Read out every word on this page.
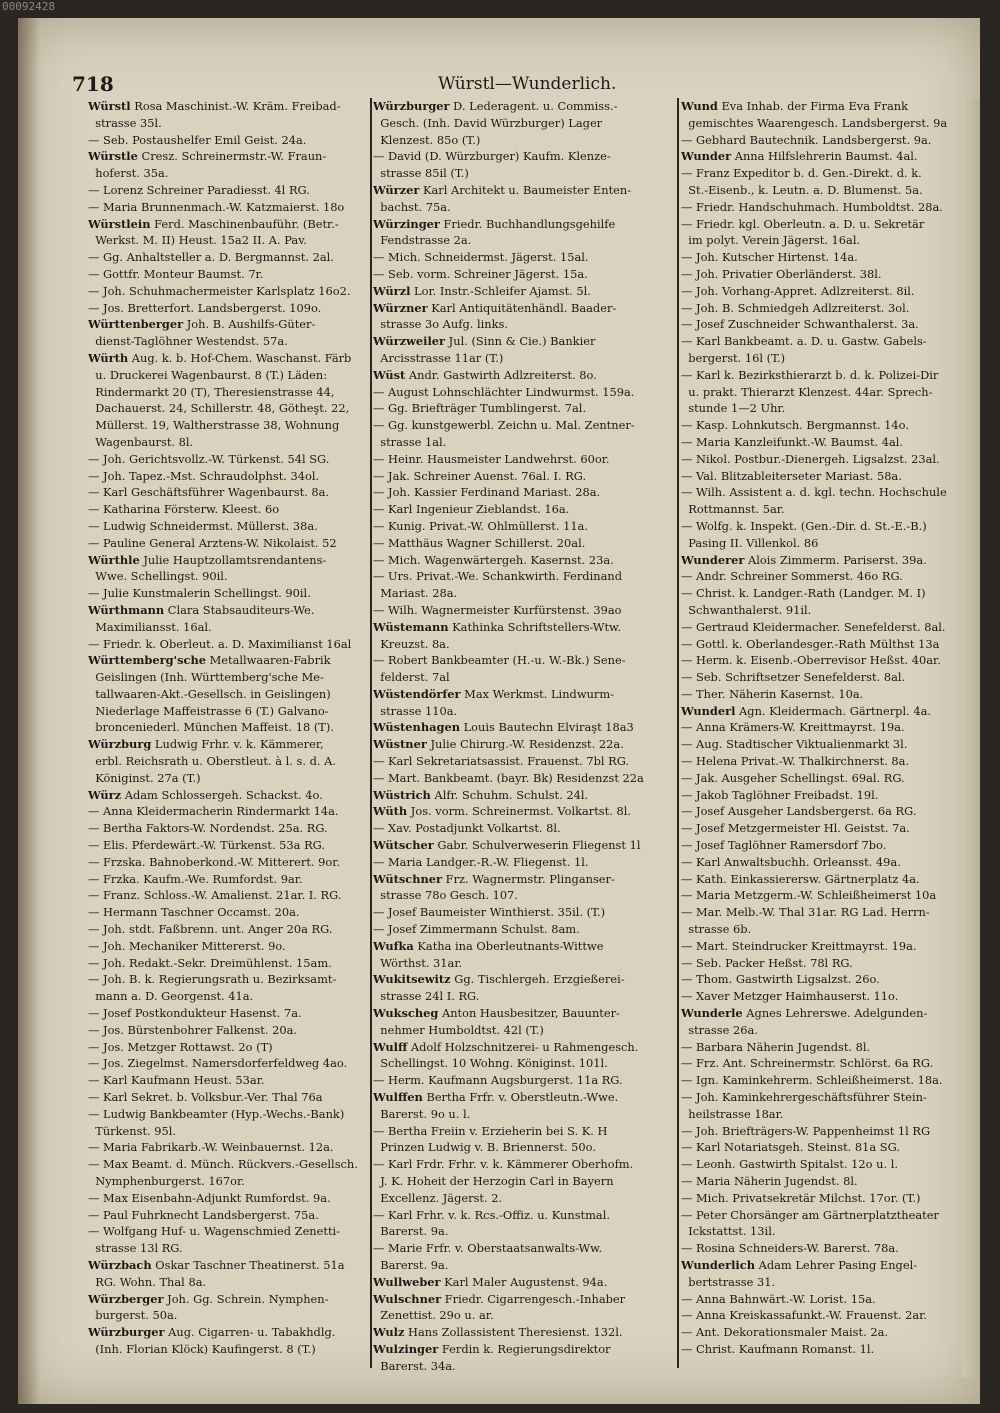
718	Würstl—Wunderlich.
Würstl Rosa Maschinist.-W. Kräm. Freibad-
strasse 35l.
— Seb. Postaushelfer Emil Geist. 24a.
Würstle Cresz. Schreinermstr.-W. Fraun-
hoferst. 35a.
— Lorenz Schreiner Paradiesst. 4l RG.
— Maria Brunnenmach.-W. Katzmaierst. 18o
Würstlein Ferd. Maschinenbauführ. (Betr.-
Werkst. M. II) Heust. 15a2 II. A. Pav.
— Gg. Anhaltsteller a. D. Bergmannst. 2al.
— Gottfr. Monteur Baumst. 7r.
— Joh. Schuhmachermeister Karlsplatz 16o2.
— Jos. Bretterfort. Landsbergerst. 109o.
Württenberger Joh. B. Aushilfs-Güter-
dienst-Taglöhner Westendst. 57a.
Würth Aug. k. b. Hof-Chem. Waschanst. Färb
u. Druckerei Wagenbaurst. 8 (T.) Läden:
Rindermarkt 20 (T), Theresienstrasse 44,
Dachauerst. 24, Schillerstr. 48, Götheşt. 22,
Müllerst. 19, Waltherstrasse 38, Wohnung
Wagenbaurst. 8l.
— Joh. Gerichtsvollz.-W. Türkenst. 54l SG.
— Joh. Tapez.-Mst. Schraudolphst. 34ol.
— Karl Geschäftsführer Wagenbaurst. 8a.
— Katharina Försterw. Kleest. 6o
— Ludwig Schneidermst. Müllerst. 38a.
— Pauline General Arztens-W. Nikolaist. 52
Würthle Julie Hauptzollamtsrendantens-
Wwe. Schellingst. 90il.
— Julie Kunstmalerin Schellingst. 90il.
Würthmann Clara Stabsauditeurs-We.
Maximiliansst. 16al.
— Friedr. k. Oberleut. a. D. Maximilianst 16al
Württemberg'sche Metallwaaren-Fabrik
Geislingen (Inh. Württemberg'sche Me-
tallwaaren-Akt.-Gesellsch. in Geislingen)
Niederlage Maffeistrasse 6 (T.) Galvano-
bronceniederl. München Maffeist. 18 (T).
Würzburg Ludwig Frhr. v. k. Kämmerer,
erbl. Reichsrath u. Oberstleut. à l. s. d. A.
Königinst. 27a (T.)
Würz Adam Schlossergeh. Schackst. 4o.
— Anna Kleidermacherin Rindermarkt 14a.
— Bertha Faktors-W. Nordendst. 25a. RG.
— Elis. Pferdewärt.-W. Türkenst. 53a RG.
— Frzska. Bahnoberkond.-W. Mitterert. 9or.
— Frzka. Kaufm.-We. Rumfordst. 9ar.
— Franz. Schloss.-W. Amalienst. 21ar. I. RG.
— Hermann Taschner Occamst. 20a.
— Joh. stdt. Faßbrenn. unt. Anger 20a RG.
— Joh. Mechaniker Mittererst. 9o.
— Joh. Redakt.-Sekr. Dreimühlenst. 15am.
— Joh. B. k. Regierungsrath u. Bezirksamt-
mann a. D. Georgenst. 41a.
— Josef Postkondukteur Hasenst. 7a.
— Jos. Bürstenbohrer Falkenst. 20a.
— Jos. Metzger Rottawst. 2o (T)
— Jos. Ziegelmst. Namersdorferfeldweg 4ao.
— Karl Kaufmann Heust. 53ar.
— Karl Sekret. b. Volksbur.-Ver. Thal 76a
— Ludwig Bankbeamter (Hyp.-Wechs.-Bank)
Türkenst. 95l.
— Maria Fabrikarb.-W. Weinbauernst. 12a.
— Max Beamt. d. Münch. Rückvers.-Gesellsch.
Nymphenburgerst. 167or.
— Max Eisenbahn-Adjunkt Rumfordst. 9a.
— Paul Fuhrknecht Landsbergerst. 75a.
— Wolfgang Huf- u. Wagenschmied Zenetti-
strasse 13l RG.
Würzbach Oskar Taschner Theatinerst. 51a
RG. Wohn. Thal 8a.
Würzberger Joh. Gg. Schrein. Nymphen-
burgerst. 50a.
Würzburger Aug. Cigarren- u. Tabakhdlg.
(Inh. Florian Klöck) Kaufingerst. 8 (T.)
Würzburger D. Lederagent. u. Commiss.-
Gesch. (Inh. David Würzburger) Lager
Klenzest. 85o (T.)
— David (D. Würzburger) Kaufm. Klenze-
strasse 85il (T.)
Würzer Karl Architekt u. Baumeister Enten-
bachst. 75a.
Würzinger Friedr. Buchhandlungsgehilfe
Fendstrasse 2a.
— Mich. Schneidermst. Jägerst. 15al.
— Seb. vorm. Schreiner Jägerst. 15a.
Würzl Lor. Instr.-Schleifer Ajamst. 5l.
Würzner Karl Antiquitätenhändl. Baader-
strasse 3o Aufg. links.
Würzweiler Jul. (Sinn & Cie.) Bankier
Arcisstrasse 11ar (T.)
Wüst Andr. Gastwirth Adlzreiterst. 8o.
— August Lohnschlächter Lindwurmst. 159a.
— Gg. Briefträger Tumblingerst. 7al.
— Gg. kunstgewerbl. Zeichn u. Mal. Zentner-
strasse 1al.
— Heinr. Hausmeister Landwehrst. 60or.
— Jak. Schreiner Auenst. 76al. I. RG.
— Joh. Kassier Ferdinand Mariast. 28a.
— Karl Ingenieur Zieblandst. 16a.
— Kunig. Privat.-W. Ohlmüllerst. 11a.
— Matthäus Wagner Schillerst. 20al.
— Mich. Wagenwärtergeh. Kasernst. 23a.
— Urs. Privat.-We. Schankwirth. Ferdinand
Mariast. 28a.
— Wilh. Wagnermeister Kurfürstenst. 39ao
Wüstemann Kathinka Schriftstellers-Wtw.
Kreuzst. 8a.
— Robert Bankbeamter (H.-u. W.-Bk.) Sene-
felderst. 7al
Wüstendörfer Max Werkmst. Lindwurm-
strasse 110a.
Wüstenhagen Louis Bautechn Elviraşt 18a3
Wüstner Julie Chirurg.-W. Residenzst. 22a.
— Karl Sekretariatsassist. Frauenst. 7bl RG.
— Mart. Bankbeamt. (bayr. Bk) Residenzst 22a
Wüstrich Alfr. Schuhm. Schulst. 24l.
Wüth Jos. vorm. Schreinermst. Volkartst. 8l.
— Xav. Postadjunkt Volkartst. 8l.
Wütscher Gabr. Schulverweserin Fliegenst 1l
— Maria Landger.-R.-W. Fliegenst. 1l.
Wütschner Frz. Wagnermstr. Plinganser-
strasse 78o Gesch. 107.
— Josef Baumeister Winthierst. 35il. (T.)
— Josef Zimmermann Schulst. 8am.
Wufka Katha ina Oberleutnants-Wittwe
Wörthst. 31ar.
Wukitsewitz Gg. Tischlergeh. Erzgießerei-
strasse 24l I. RG.
Wukscheg Anton Hausbesitzer, Bauunter-
nehmer Humboldtst. 42l (T.)
Wulff Adolf Holzschnitzerei- u Rahmengesch.
Schellingst. 10 Wohng. Königinst. 101l.
— Herm. Kaufmann Augsburgerst. 11a RG.
Wulffen Bertha Frfr. v. Oberstleutn.-Wwe.
Barerst. 9o u. l.
— Bertha Freiin v. Erzieherin bei S. K. H
Prinzen Ludwig v. B. Briennerst. 50o.
— Karl Frdr. Frhr. v. k. Kämmerer Oberhofm.
J. K. Hoheit der Herzogin Carl in Bayern
Excellenz. Jägerst. 2.
— Karl Frhr. v. k. Rcs.-Offiz. u. Kunstmal.
Barerst. 9a.
— Marie Frfr. v. Oberstaatsanwalts-Ww.
Barerst. 9a.
Wullweber Karl Maler Augustenst. 94a.
Wulschner Friedr. Cigarrengesch.-Inhaber
Zenettist. 29o u. ar.
Wulz Hans Zollassistent Theresienst. 132l.
Wulzinger Ferdin k. Regierungsdirektor
Barerst. 34a.
Wund Eva Inhab. der Firma Eva Frank
gemischtes Waarengesch. Landsbergerst. 9a
— Gebhard Bautechnik. Landsbergerst. 9a.
Wunder Anna Hilfslehrerin Baumst. 4al.
— Franz Expeditor b. d. Gen.-Direkt. d. k.
St.-Eisenb., k. Leutn. a. D. Blumenst. 5a.
— Friedr. Handschuhmach. Humboldtst. 28a.
— Friedr. kgl. Oberleutn. a. D. u. Sekretär
im polyt. Verein Jägerst. 16al.
— Joh. Kutscher Hirtenst. 14a.
— Joh. Privatier Oberländerst. 38l.
— Joh. Vorhang-Appret. Adlzreiterst. 8il.
— Joh. B. Schmiedgeh Adlzreiterst. 3ol.
— Josef Zuschneider Schwanthalerst. 3a.
— Karl Bankbeamt. a. D. u. Gastw. Gabels-
bergerst. 16l (T.)
— Karl k. Bezirksthierarzt b. d. k. Polizei-Dir
u. prakt. Thierarzt Klenzest. 44ar. Sprech-
stunde 1—2 Uhr.
— Kasp. Lohnkutsch. Bergmannst. 14o.
— Maria Kanzleifunkt.-W. Baumst. 4al.
— Nikol. Postbur.-Dienergeh. Ligsalzst. 23al.
— Val. Blitzableiterseter Mariast. 58a.
— Wilh. Assistent a. d. kgl. techn. Hochschule
Rottmannst. 5ar.
— Wolfg. k. Inspekt. (Gen.-Dir. d. St.-E.-B.)
Pasing II. Villenkol. 86
Wunderer Alois Zimmerm. Pariserst. 39a.
— Andr. Schreiner Sommerst. 46o RG.
— Christ. k. Landger.-Rath (Landger. M. I)
Schwanthalerst. 91il.
— Gertraud Kleidermacher. Senefelderst. 8al.
— Gottl. k. Oberlandesger.-Rath Mülthst 13a
— Herm. k. Eisenb.-Oberrevisor Heßst. 40ar.
— Seb. Schriftsetzer Senefelderst. 8al.
— Ther. Näherin Kasernst. 10a.
Wunderl Agn. Kleidermach. Gärtnerpl. 4a.
— Anna Krämers-W. Kreittmayrst. 19a.
— Aug. Stadtischer Viktualienmarkt 3l.
— Helena Privat.-W. Thalkirchnerst. 8a.
— Jak. Ausgeher Schellingst. 69al. RG.
— Jakob Taglöhner Freibadst. 19l.
— Josef Ausgeher Landsbergerst. 6a RG.
— Josef Metzgermeister Hl. Geistst. 7a.
— Josef Taglöhner Ramersdorf 7bo.
— Karl Anwaltsbuchh. Orleansst. 49a.
— Kath. Einkassierersw. Gärtnerplatz 4a.
— Maria Metzgerm.-W. Schleißheimerst 10a
— Mar. Melb.-W. Thal 31ar. RG Lad. Herrn-
strasse 6b.
— Mart. Steindrucker Kreittmayrst. 19a.
— Seb. Packer Heßst. 78l RG.
— Thom. Gastwirth Ligsalzst. 26o.
— Xaver Metzger Haimhauserst. 11o.
Wunderle Agnes Lehrerswe. Adelgunden-
strasse 26a.
— Barbara Näherin Jugendst. 8l.
— Frz. Ant. Schreinermstr. Schlörst. 6a RG.
— Ign. Kaminkehrerm. Schleißheimerst. 18a.
— Joh. Kaminkehrergeschäftsführer Stein-
heilstrasse 18ar.
— Joh. Briefträgers-W. Pappenheimst 1l RG
— Karl Notariatsgeh. Steinst. 81a SG.
— Leonh. Gastwirth Spitalst. 12o u. l.
— Maria Näherin Jugendst. 8l.
— Mich. Privatsekretär Milchst. 17or. (T.)
— Peter Chorsänger am Gärtnerplatztheater
Ickstattst. 13il.
— Rosina Schneiders-W. Barerst. 78a.
Wunderlich Adam Lehrer Pasing Engel-
bertstrasse 31.
— Anna Bahnwärt.-W. Lorist. 15a.
— Anna Kreiskassafunkt.-W. Frauenst. 2ar.
— Ant. Dekorationsmaler Maist. 2a.
— Christ. Kaufmann Romanst. 1l.
00092428
